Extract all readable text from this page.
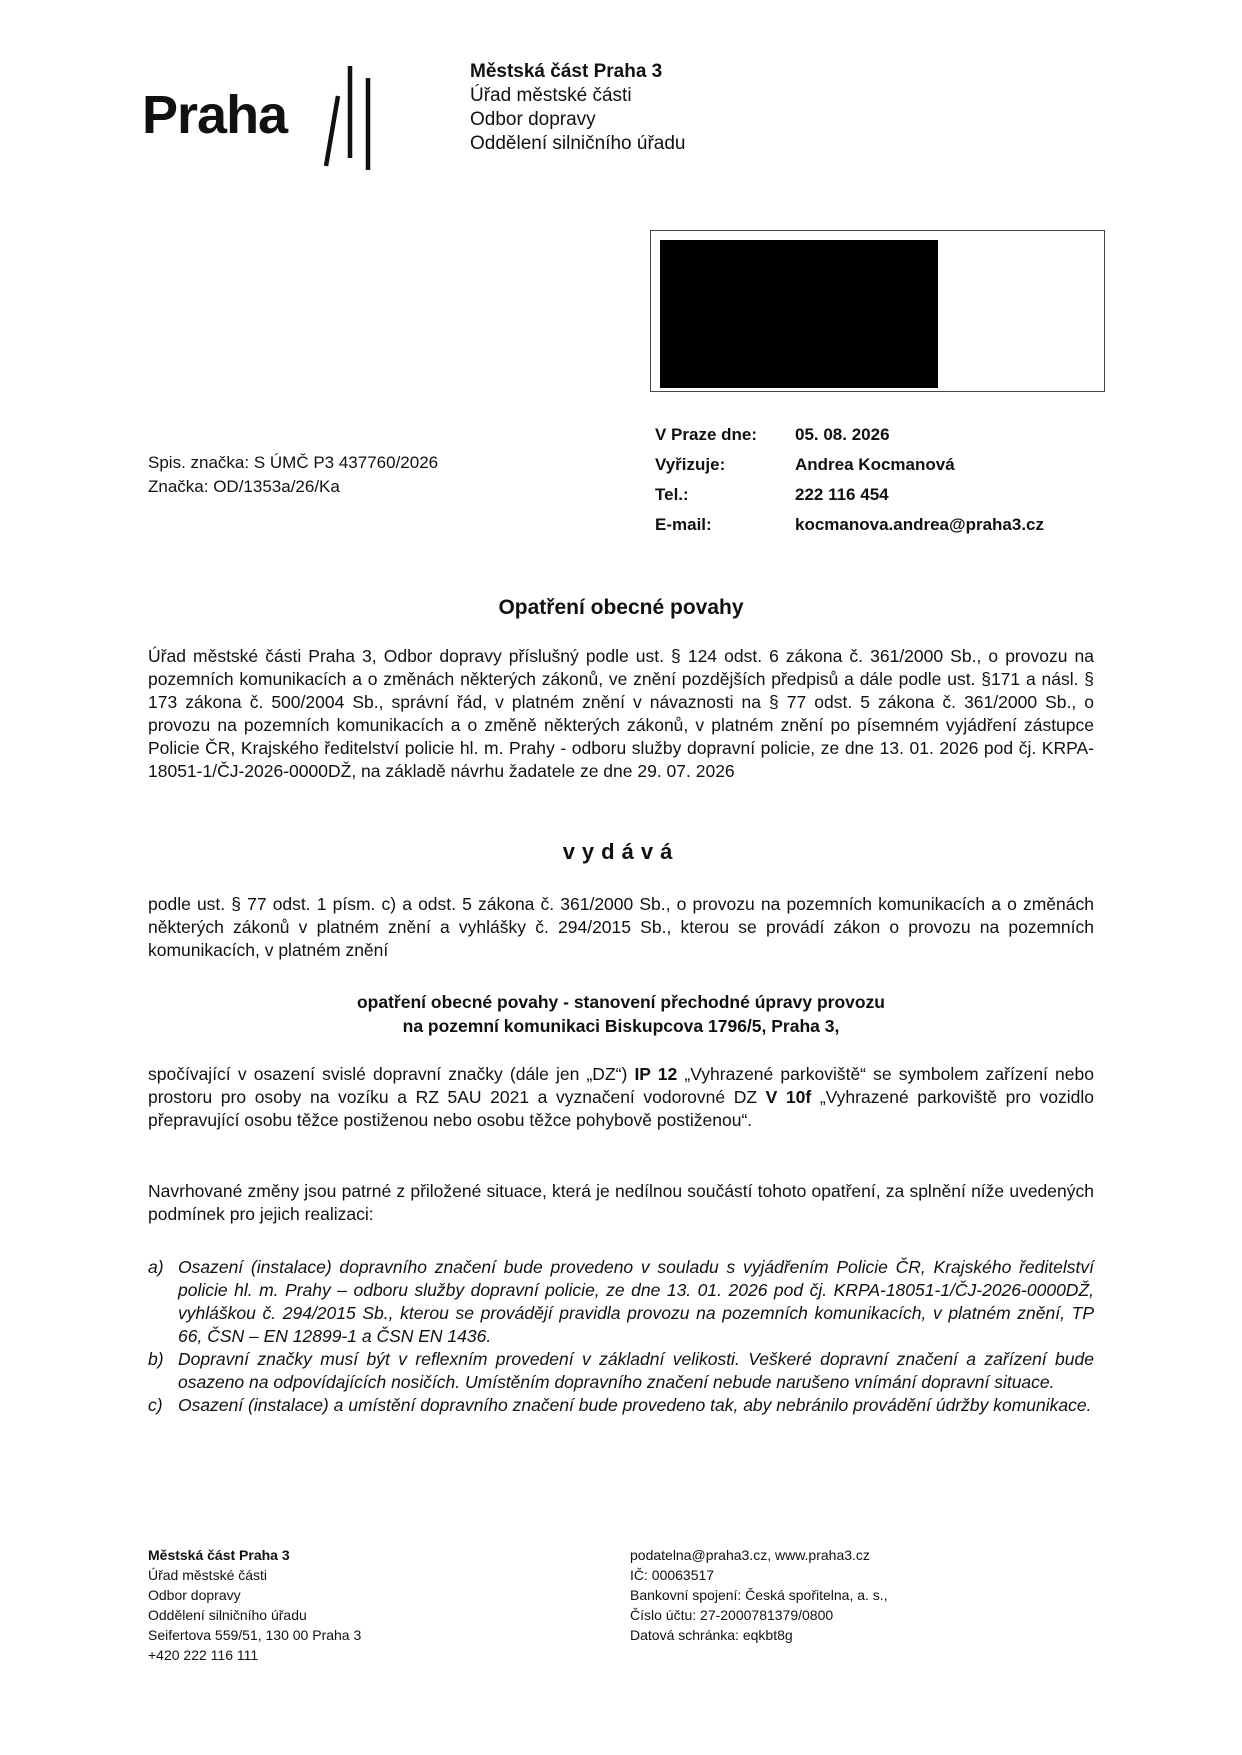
Praha
Městská část Praha 3
Úřad městské části
Odbor dopravy
Oddělení silničního úřadu
Spis. značka: S ÚMČ P3 437760/2026
Značka: OD/1353a/26/Ka
V Praze dne:	05. 08. 2026
Vyřizuje:	Andrea Kocmanová
Tel.:	222 116 454
E-mail:	kocmanova.andrea@praha3.cz
Opatření obecné povahy
Úřad městské části Praha 3, Odbor dopravy příslušný podle ust. § 124 odst. 6 zákona č. 361/2000 Sb., o provozu na pozemních komunikacích a o změnách některých zákonů, ve znění pozdějších předpisů a dále podle ust. §171 a násl. § 173 zákona č. 500/2004 Sb., správní řád, v platném znění v návaznosti na § 77 odst. 5 zákona č. 361/2000 Sb., o provozu na pozemních komunikacích a o změně některých zákonů, v platném znění po písemném vyjádření zástupce Policie ČR, Krajského ředitelství policie hl. m. Prahy - odboru služby dopravní policie, ze dne 13. 01. 2026 pod čj. KRPA-18051-1/ČJ-2026-0000DŽ, na základě návrhu žadatele ze dne 29. 07. 2026
vydává
podle ust. § 77 odst. 1 písm. c) a odst. 5 zákona č. 361/2000 Sb., o provozu na pozemních komunikacích a o změnách některých zákonů v platném znění a vyhlášky č. 294/2015 Sb., kterou se provádí zákon o provozu na pozemních komunikacích, v platném znění
opatření obecné povahy - stanovení přechodné úpravy provozu
na pozemní komunikaci Biskupcova 1796/5, Praha 3,
spočívající v osazení svislé dopravní značky (dále jen „DZ“) IP 12 „Vyhrazené parkoviště“ se symbolem zařízení nebo prostoru pro osoby na vozíku a RZ 5AU 2021 a vyznačení vodorovné DZ V 10f „Vyhrazené parkoviště pro vozidlo přepravující osobu těžce postiženou nebo osobu těžce pohybově postiženou“.
Navrhované změny jsou patrné z přiložené situace, která je nedílnou součástí tohoto opatření, za splnění níže uvedených podmínek pro jejich realizaci:
a) Osazení (instalace) dopravního značení bude provedeno v souladu s vyjádřením Policie ČR, Krajského ředitelství policie hl. m. Prahy – odboru služby dopravní policie, ze dne 13. 01. 2026 pod čj. KRPA-18051-1/ČJ-2026-0000DŽ, vyhláškou č. 294/2015 Sb., kterou se provádějí pravidla provozu na pozemních komunikacích, v platném znění, TP 66, ČSN – EN 12899-1 a ČSN EN 1436.
b) Dopravní značky musí být v reflexním provedení v základní velikosti. Veškeré dopravní značení a zařízení bude osazeno na odpovídajících nosičích. Umístěním dopravního značení nebude narušeno vnímání dopravní situace.
c) Osazení (instalace) a umístění dopravního značení bude provedeno tak, aby nebránilo provádění údržby komunikace.
Městská část Praha 3
Úřad městské části
Odbor dopravy
Oddělení silničního úřadu
Seifertova 559/51, 130 00 Praha 3
+420 222 116 111
podatelna@praha3.cz, www.praha3.cz
IČ: 00063517
Bankovní spojení: Česká spořitelna, a. s.,
Číslo účtu: 27-2000781379/0800
Datová schránka: eqkbt8g
